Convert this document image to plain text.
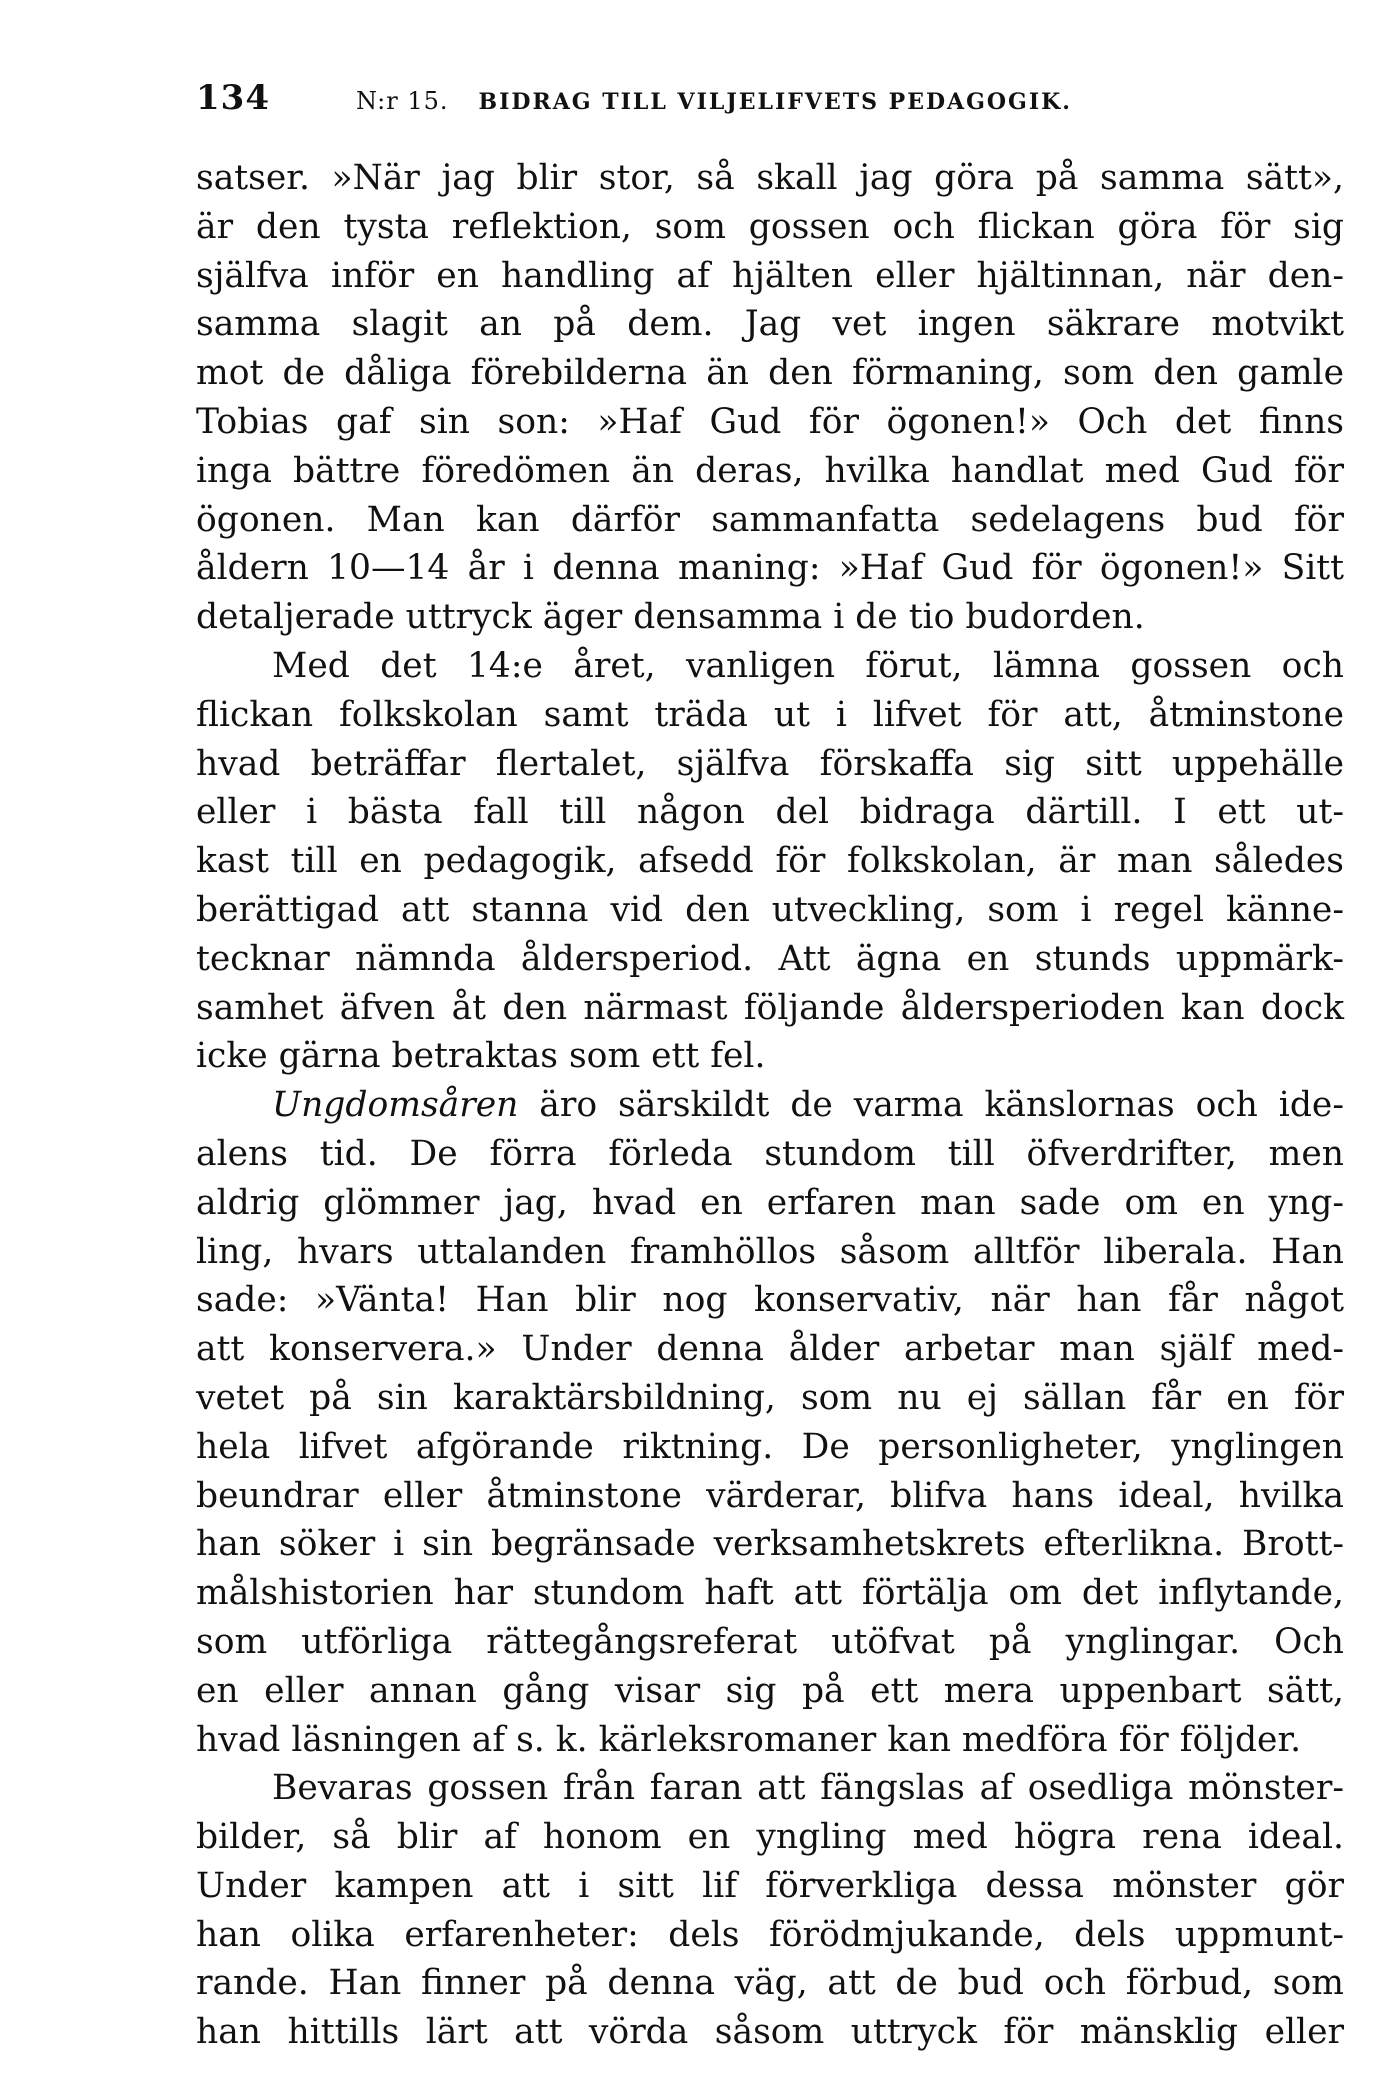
134	N:r 15. BIDRAG TILL VILJELIFVETS PEDAGOGIK.
satser. »När jag blir stor, så skall jag göra på samma sätt»,
är den tysta reflektion, som gossen och flickan göra för sig
själfva inför en handling af hjälten eller hjältinnan, när den-
samma slagit an på dem. Jag vet ingen säkrare motvikt
mot de dåliga förebilderna än den förmaning, som den gamle
Tobias gaf sin son: »Haf Gud för ögonen!» Och det finns
inga bättre föredömen än deras, hvilka handlat med Gud för
ögonen. Man kan därför sammanfatta sedelagens bud för
åldern 10—14 år i denna maning: »Haf Gud för ögonen!» Sitt
detaljerade uttryck äger densamma i de tio budorden.
Med det 14:e året, vanligen förut, lämna gossen och
flickan folkskolan samt träda ut i lifvet för att, åtminstone
hvad beträffar flertalet, själfva förskaffa sig sitt uppehälle
eller i bästa fall till någon del bidraga därtill. I ett ut-
kast till en pedagogik, afsedd för folkskolan, är man således
berättigad att stanna vid den utveckling, som i regel känne-
tecknar nämnda åldersperiod. Att ägna en stunds uppmärk-
samhet äfven åt den närmast följande åldersperioden kan dock
icke gärna betraktas som ett fel.
Ungdomsåren äro särskildt de varma känslornas och ide-
alens tid. De förra förleda stundom till öfverdrifter, men
aldrig glömmer jag, hvad en erfaren man sade om en yng-
ling, hvars uttalanden framhöllos såsom alltför liberala. Han
sade: »Vänta! Han blir nog konservativ, när han får något
att konservera.» Under denna ålder arbetar man själf med-
vetet på sin karaktärsbildning, som nu ej sällan får en för
hela lifvet afgörande riktning. De personligheter, ynglingen
beundrar eller åtminstone värderar, blifva hans ideal, hvilka
han söker i sin begränsade verksamhetskrets efterlikna. Brott-
målshistorien har stundom haft att förtälja om det inflytande,
som utförliga rättegångsreferat utöfvat på ynglingar. Och
en eller annan gång visar sig på ett mera uppenbart sätt,
hvad läsningen af s. k. kärleksromaner kan medföra för följder.
Bevaras gossen från faran att fängslas af osedliga mönster-
bilder, så blir af honom en yngling med högra rena ideal.
Under kampen att i sitt lif förverkliga dessa mönster gör
han olika erfarenheter: dels förödmjukande, dels uppmunt-
rande. Han finner på denna väg, att de bud och förbud, som
han hittills lärt att vörda såsom uttryck för mänsklig eller
